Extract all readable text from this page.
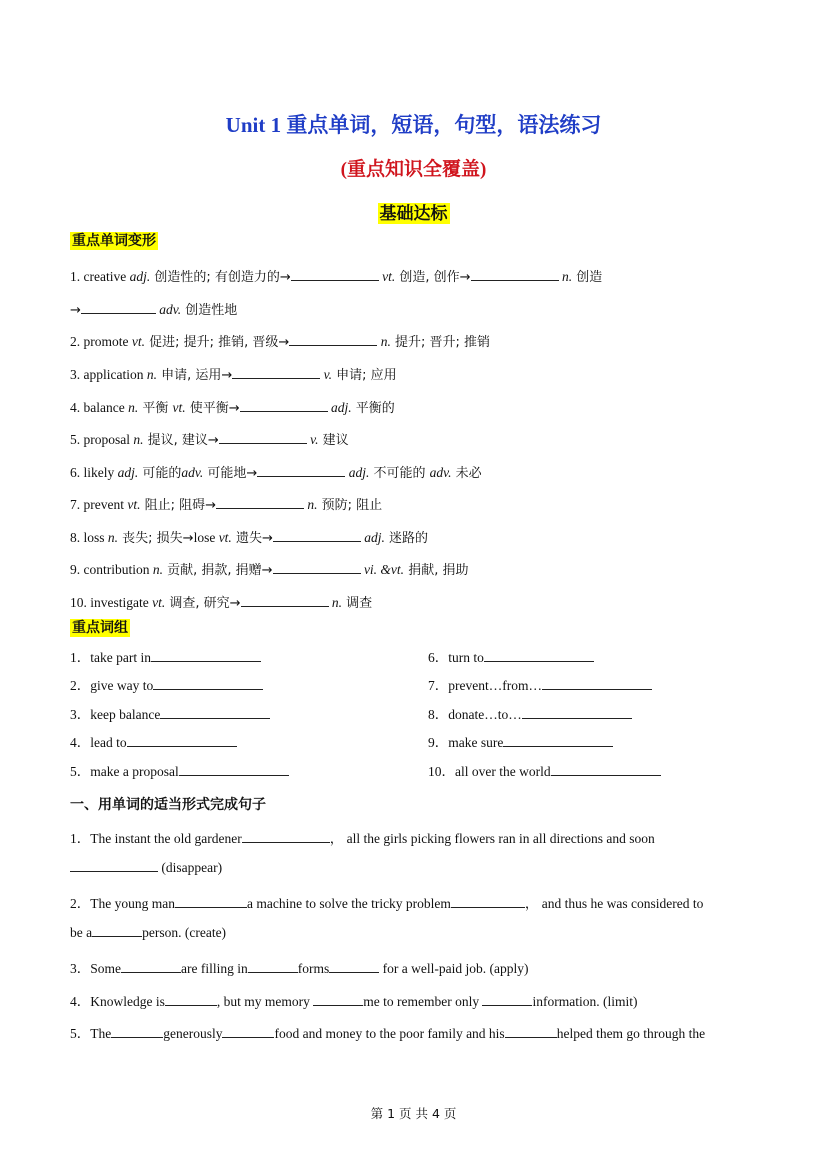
Unit 1 重点单词，短语，句型，语法练习
(重点知识全覆盖)
基础达标
重点单词变形
1. creative adj. 创造性的; 有创造力的→	vt. 创造, 创作→	n. 创造
→	adv. 创造性地
2. promote vt. 促进; 提升; 推销, 晋级→	n. 提升; 晋升; 推销
3. application n. 申请, 运用→	v. 申请; 应用
4. balance n. 平衡 vt. 使平衡→	adj. 平衡的
5. proposal n. 提议, 建议→	v. 建议
6. likely adj. 可能的adv. 可能地→	adj. 不可能的 adv. 未必
7. prevent vt. 阻止; 阻碍→	n. 预防; 阻止
8. loss n. 丧失; 损失→lose vt. 遗失→	adj. 迷路的
9. contribution n. 贡献, 捐款, 捐赠→	vi. &vt. 捐献, 捐助
10. investigate vt. 调查, 研究→	n. 调查
重点词组
1．take part in
2．give way to
3．keep balance
4．lead to
5．make a proposal
6．turn to
7．prevent…from…
8．donate…to…
9．make sure
10．all over the world
一、用单词的适当形式完成句子
1．The instant the old gardener	， all the girls picking flowers ran in all directions and soon
(disappear)
2．The young man	a machine to solve the tricky problem	， and thus he was considered to
be a	person. (create)
3．Some	are filling in	forms	for a well-paid job. (apply)
4．Knowledge is	, but my memory	me to remember only	information. (limit)
5．The	generously	food and money to the poor family and his	helped them go through the
第 1 页 共 4 页
